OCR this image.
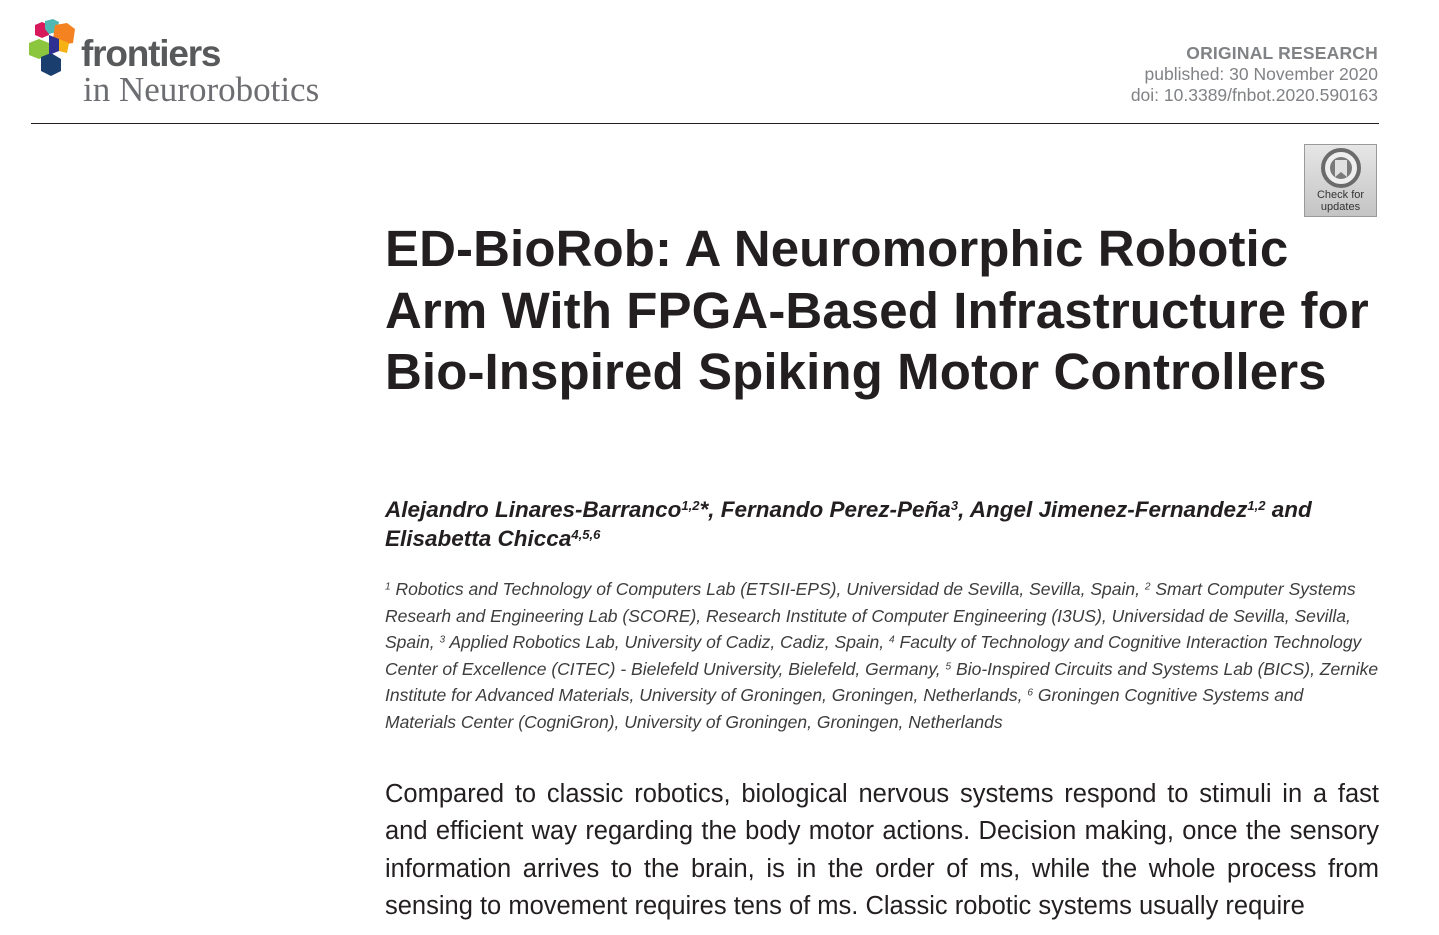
frontiers
in Neurorobotics
ORIGINAL RESEARCH
published: 30 November 2020
doi: 10.3389/fnbot.2020.590163
Check for
updates
ED-BioRob: A Neuromorphic Robotic Arm With FPGA-Based Infrastructure for Bio-Inspired Spiking Motor Controllers
Alejandro Linares-Barranco$^{1,2}$*, Fernando Perez-Peña$^3$, Angel Jimenez-Fernandez$^{1,2}$ and
Elisabetta Chicca$^{4,5,6}$
$^1$ Robotics and Technology of Computers Lab (ETSII-EPS), Universidad de Sevilla, Sevilla, Spain, $^2$ Smart Computer Systems Researh and Engineering Lab (SCORE), Research Institute of Computer Engineering (I3US), Universidad de Sevilla, Sevilla, Spain, $^3$ Applied Robotics Lab, University of Cadiz, Cadiz, Spain, $^4$ Faculty of Technology and Cognitive Interaction Technology Center of Excellence (CITEC) - Bielefeld University, Bielefeld, Germany, $^5$ Bio-Inspired Circuits and Systems Lab (BICS), Zernike Institute for Advanced Materials, University of Groningen, Groningen, Netherlands, $^6$ Groningen Cognitive Systems and Materials Center (CogniGron), University of Groningen, Groningen, Netherlands

Compared to classic robotics, biological nervous systems respond to stimuli in a fast and efficient way regarding the body motor actions. Decision making, once the sensory information arrives to the brain, is in the order of ms, while the whole process from sensing to movement requires tens of ms. Classic robotic systems usually require
